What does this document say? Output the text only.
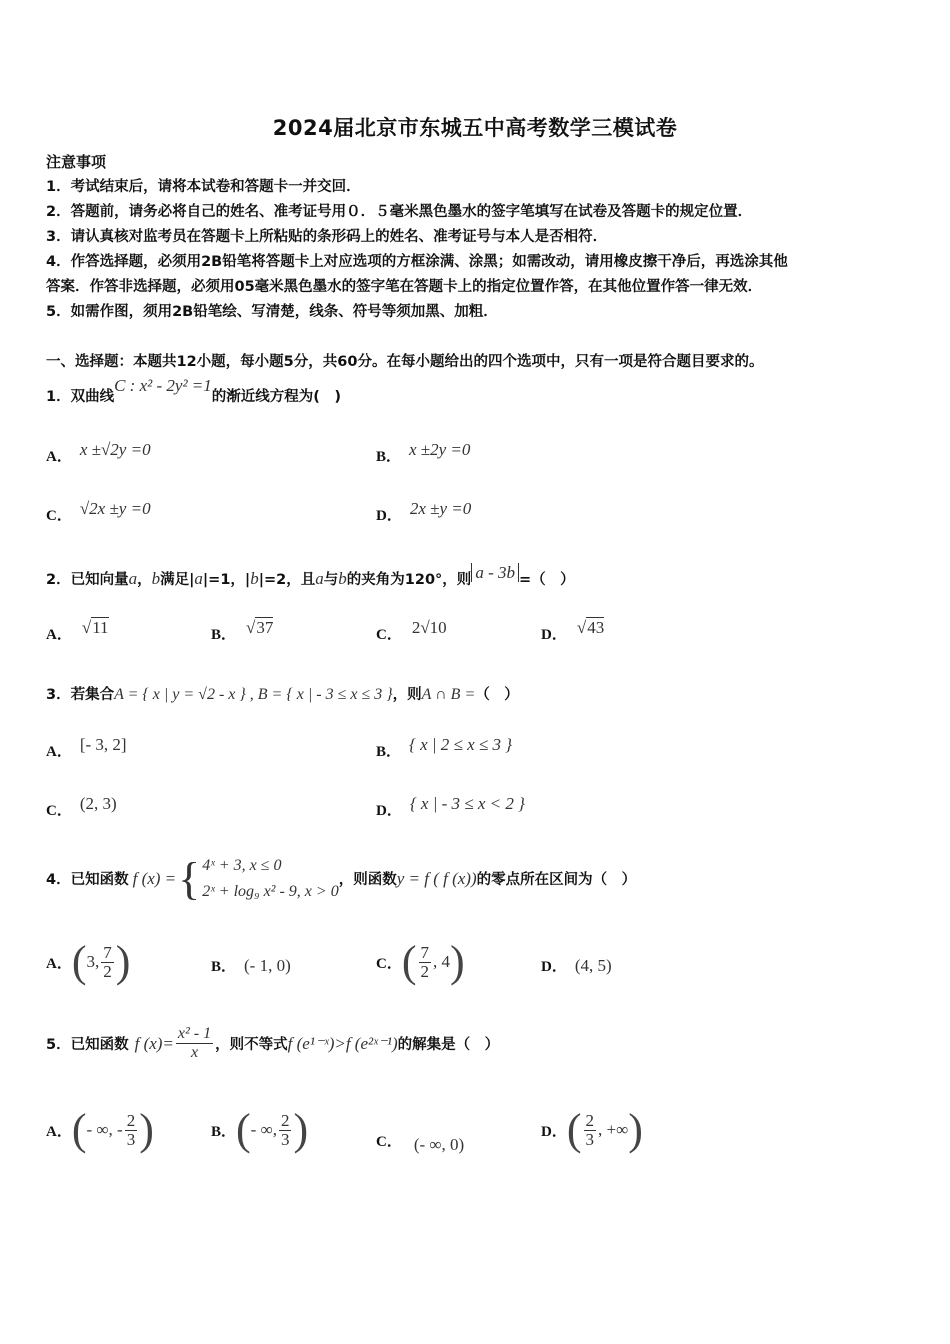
2024届北京市东城五中高考数学三模试卷
注意事项
1．考试结束后，请将本试卷和答题卡一并交回．
2．答题前，请务必将自己的姓名、准考证号用０．５毫米黑色墨水的签字笔填写在试卷及答题卡的规定位置．
3．请认真核对监考员在答题卡上所粘贴的条形码上的姓名、准考证号与本人是否相符．
4．作答选择题，必须用2B铅笔将答题卡上对应选项的方框涂满、涂黑；如需改动，请用橡皮擦干净后，再选涂其他
答案．作答非选择题，必须用05毫米黑色墨水的签字笔在答题卡上的指定位置作答，在其他位置作答一律无效．
5．如需作图，须用2B铅笔绘、写清楚，线条、符号等须加黑、加粗．
一、选择题：本题共12小题，每小题5分，共60分。在每小题给出的四个选项中，只有一项是符合题目要求的。
1．双曲线C : x² - 2y² =1的渐近线方程为(　)
A． x ±√2y =0	B． x ±2y =0
C． √2x ±y =0	D． 2x ±y =0
2．已知向量a，b满足|a|=1，|b|=2，且a与b的夹角为120°，则 a - 3b =（　）
A． √11	B． √37	C． 2√10	D． √43
3．若集合A = { x | y = √2 - x } , B = { x | - 3 ≤ x ≤ 3 }，则A ∩ B =（　）
A． [- 3, 2]	B． { x | 2 ≤ x ≤ 3 }
C． (2, 3)	D． { x | - 3 ≤ x < 2 }
4．已知函数 f (x) = { 4ˣ + 3, x ≤ 0
2ˣ + log₉ x² - 9, x > 0
，则函数 y = f ( f (x)) 的零点所在区间为（　）
A． ( 3, $\frac{7}{2}$ )	B． (- 1, 0)	C． ( $\frac{7}{2}$ , 4 )	D． (4, 5)
5．已知函数 f $(x)= \frac{\text{x² - 1}}{x}$ ，则不等式 f (e¹⁻ˣ)>f (e²ˣ⁻¹) 的解集是（　）
A． ( - ∞, - $\frac{2}{3}$ )	B． ( - ∞, $\frac{2}{3}$ )	C． (- ∞, 0)
D． ( $\frac{2}{3}$ , +∞ )
